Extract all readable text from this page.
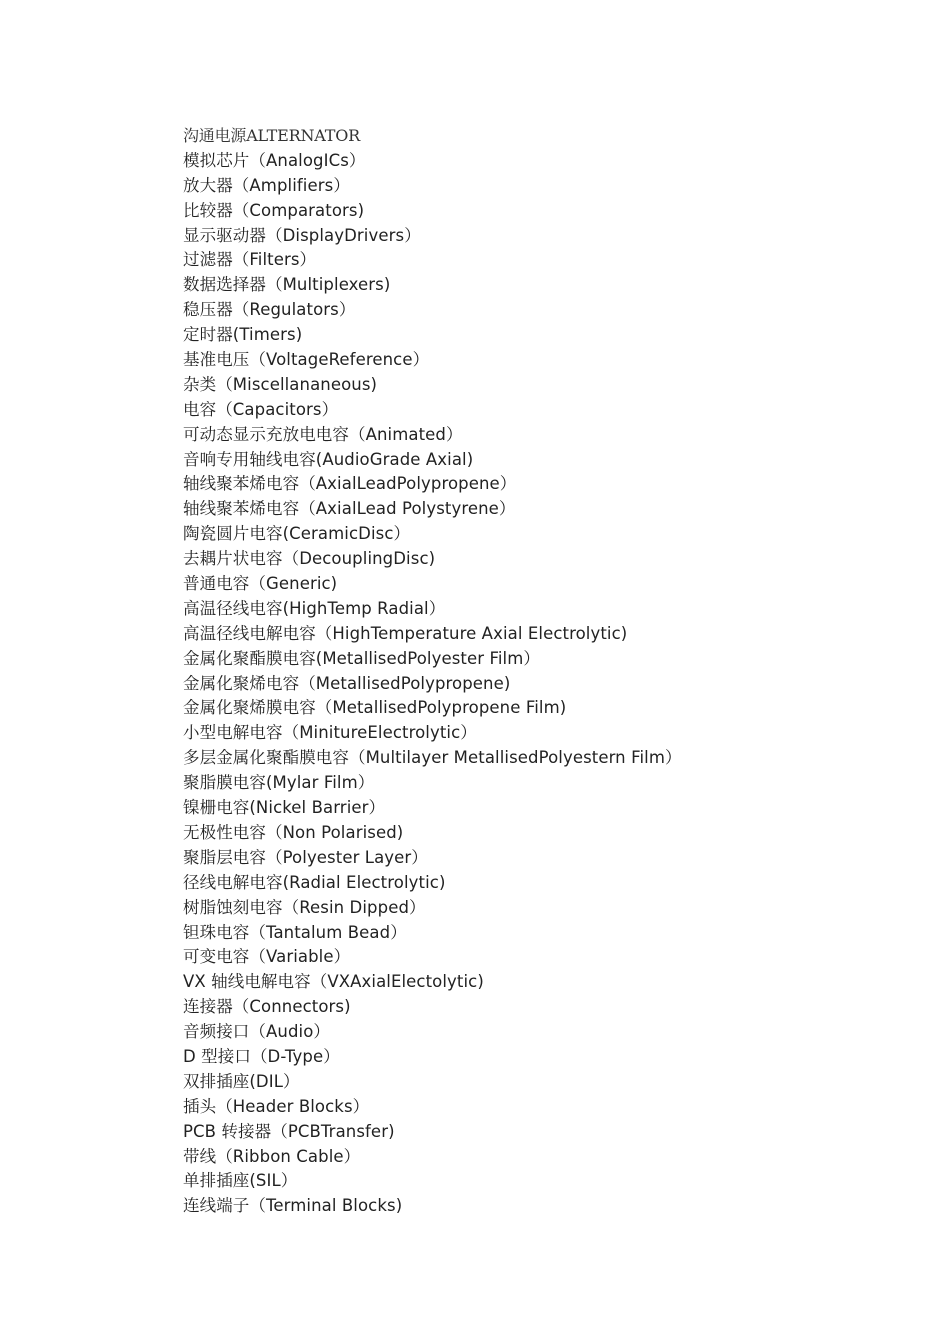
沟通电源ALTERNATOR
模拟芯片（AnalogICs）
放大器（Amplifiers）
比较器（Comparators)
显示驱动器（DisplayDrivers）
过滤器（Filters）
数据选择器（Multiplexers)
稳压器（Regulators）
定时器(Timers)
基准电压（VoltageReference）
杂类（Miscellananeous)
电容（Capacitors）
可动态显示充放电电容（Animated）
音响专用轴线电容(AudioGrade Axial)
轴线聚苯烯电容（AxialLeadPolypropene）
轴线聚苯烯电容（AxialLead Polystyrene）
陶瓷圆片电容(CeramicDisc）
去耦片状电容（DecouplingDisc)
普通电容（Generic)
高温径线电容(HighTemp Radial）
高温径线电解电容（HighTemperature Axial Electrolytic)
金属化聚酯膜电容(MetallisedPolyester Film）
金属化聚烯电容（MetallisedPolypropene)
金属化聚烯膜电容（MetallisedPolypropene Film)
小型电解电容（MinitureElectrolytic）
多层金属化聚酯膜电容（Multilayer MetallisedPolyestern Film）
聚脂膜电容(Mylar Film）
镍栅电容(Nickel Barrier）
无极性电容（Non Polarised)
聚脂层电容（Polyester Layer）
径线电解电容(Radial Electrolytic)
树脂蚀刻电容（Resin Dipped）
钽珠电容（Tantalum Bead）
可变电容（Variable）
VX 轴线电解电容（VXAxialElectolytic)
连接器（Connectors)
音频接口（Audio）
D 型接口（D-Type）
双排插座(DIL）
插头（Header Blocks）
PCB 转接器（PCBTransfer)
带线（Ribbon Cable）
单排插座(SIL）
连线端子（Terminal Blocks)
